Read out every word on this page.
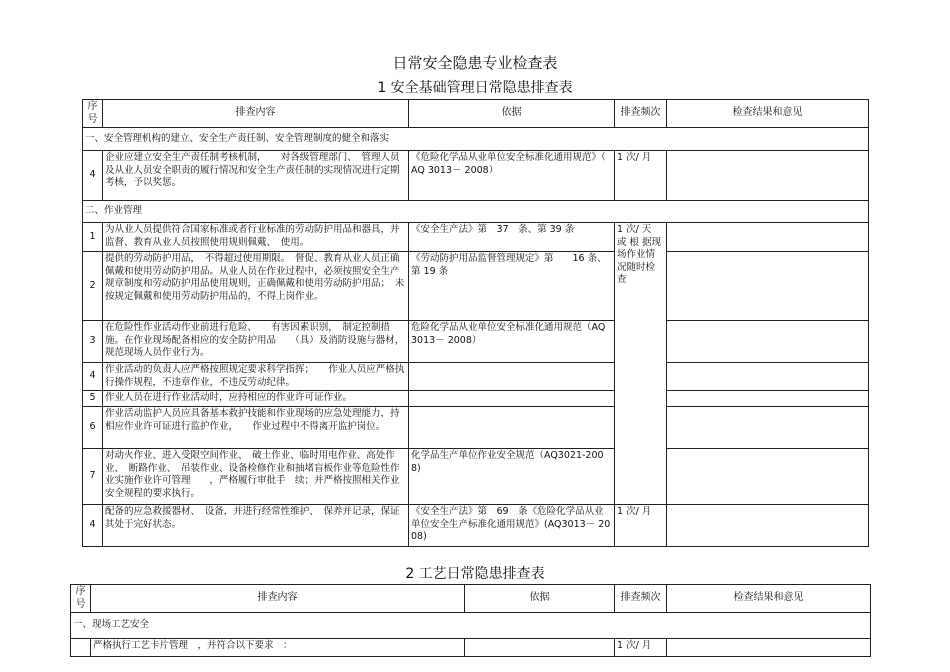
日常安全隐患专业检查表
1 安全基础管理日常隐患排查表
序号	排查内容	依据	排查频次	检查结果和意见
一、安全管理机构的建立、安全生产责任制、安全管理制度的健全和落实				
4	企业应建立安全生产责任制考核机制，　　对各级管理部门、　管理人员及从业人员安全职责的履行情况和安全生产责任制的实现情况进行定期考核，予以奖惩。	《危险化学品从业单位安全标准化通用规范》（ AQ 3013－ 2008）	1 次/ 月	
二、作业管理				
1	为从业人员提供符合国家标准或者行业标准的劳动防护用品和器具，并监督、教育从业人员按照使用规则佩戴、　使用。	《安全生产法》第　37　条、第 39 条	1 次/ 天　或 根 据现场作业情况随时检查	
2	提供的劳动防护用品，　不得超过使用期限。　督促、教育从业人员正确佩戴和使用劳动防护用品。从业人员在作业过程中，必须按照安全生产规章制度和劳动防护用品使用规则，正确佩戴和使用劳动防护用品；　未按规定佩戴和使用劳动防护用品的，不得上岗作业。	《劳动防护用品监督管理规定》第　　16 条、第 19 条		
3	在危险性作业活动作业前进行危险、　　有害因素识别，　制定控制措施。在作业现场配备相应的安全防护用品　　（具）及消防设施与器材，规范现场人员作业行为。	危险化学品从业单位安全标准化通用规范（AQ 3013－ 2008）		
4	作业活动的负责人应严格按照规定要求科学指挥；　　作业人员应严格执行操作规程，不违章作业，不违反劳动纪律。			
5	作业人员在进行作业活动时，应持相应的作业许可证作业。			
6	作业活动监护人员应具备基本救护技能和作业现场的应急处理能力，持相应作业许可证进行监护作业，　　作业过程中不得离开监护岗位。			
7	对动火作业、进入受限空间作业、　破土作业、临时用电作业、高处作业、　断路作业、　吊装作业、设备检修作业和抽堵盲板作业等危险性作业实施作业许可管理　　，严格履行审批手　续；并严格按照相关作业安全规程的要求执行。	化学品生产单位作业安全规范（AQ3021-2008)		
4	配备的应急救援器材、　设备，并进行经常性维护、　保养并记录，保证其处于完好状态。	《安全生产法》第　69　条《危险化学品从业单位安全生产标准化通用规范》(AQ3013－ 2008)	1 次/ 月	
2 工艺日常隐患排查表
序号	排查内容	依据	排查频次	检查结果和意见
一、现场工艺安全				
	严格执行工艺卡片管理　，并符合以下要求　：		1 次/ 月	
